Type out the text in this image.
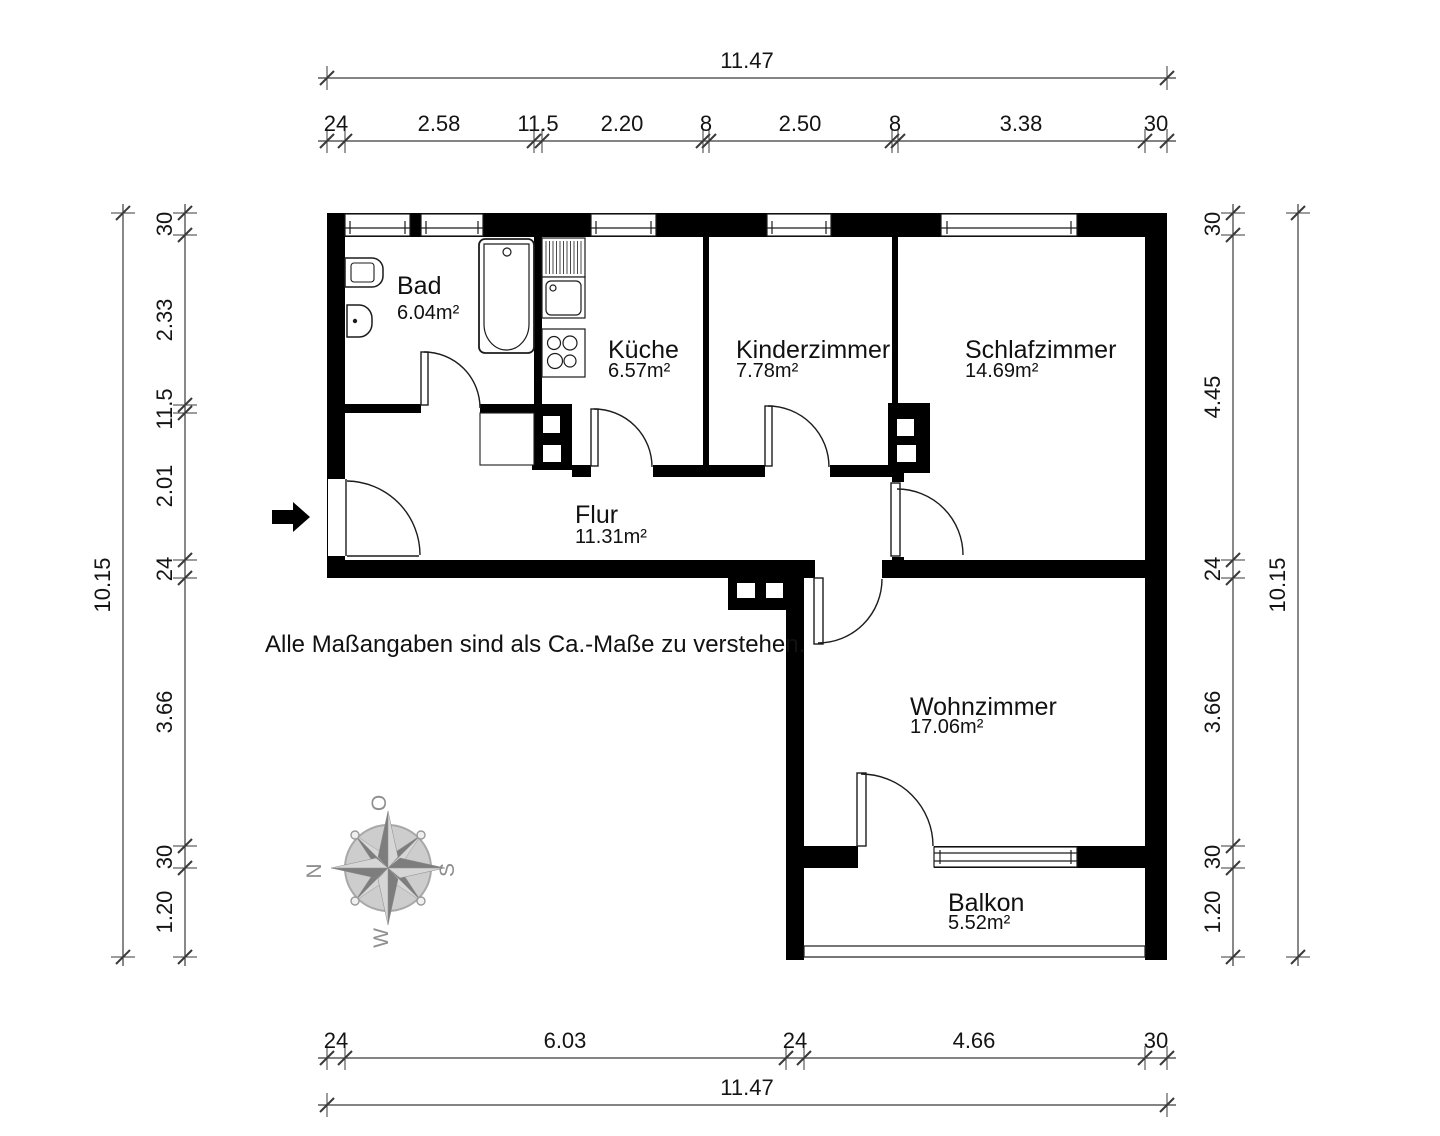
O
S
W
N
Bad
6.04m²
Küche
6.57m²
Kinderzimmer
7.78m²
Schlafzimmer
14.69m²
Flur
11.31m²
Wohnzimmer
17.06m²
Balkon
5.52m²
11.47
24	2.58	11.5 2.20	8	2.50	8	3.38	30
24	6.03	24	4.66	30
11.47
10.15
30
2.33
11.5
2.01
24
3.66
30
1.20
30
4.45
24
3.66
30
1.20
10.15
Alle Maßangaben sind als Ca.-Maße zu verstehen.
